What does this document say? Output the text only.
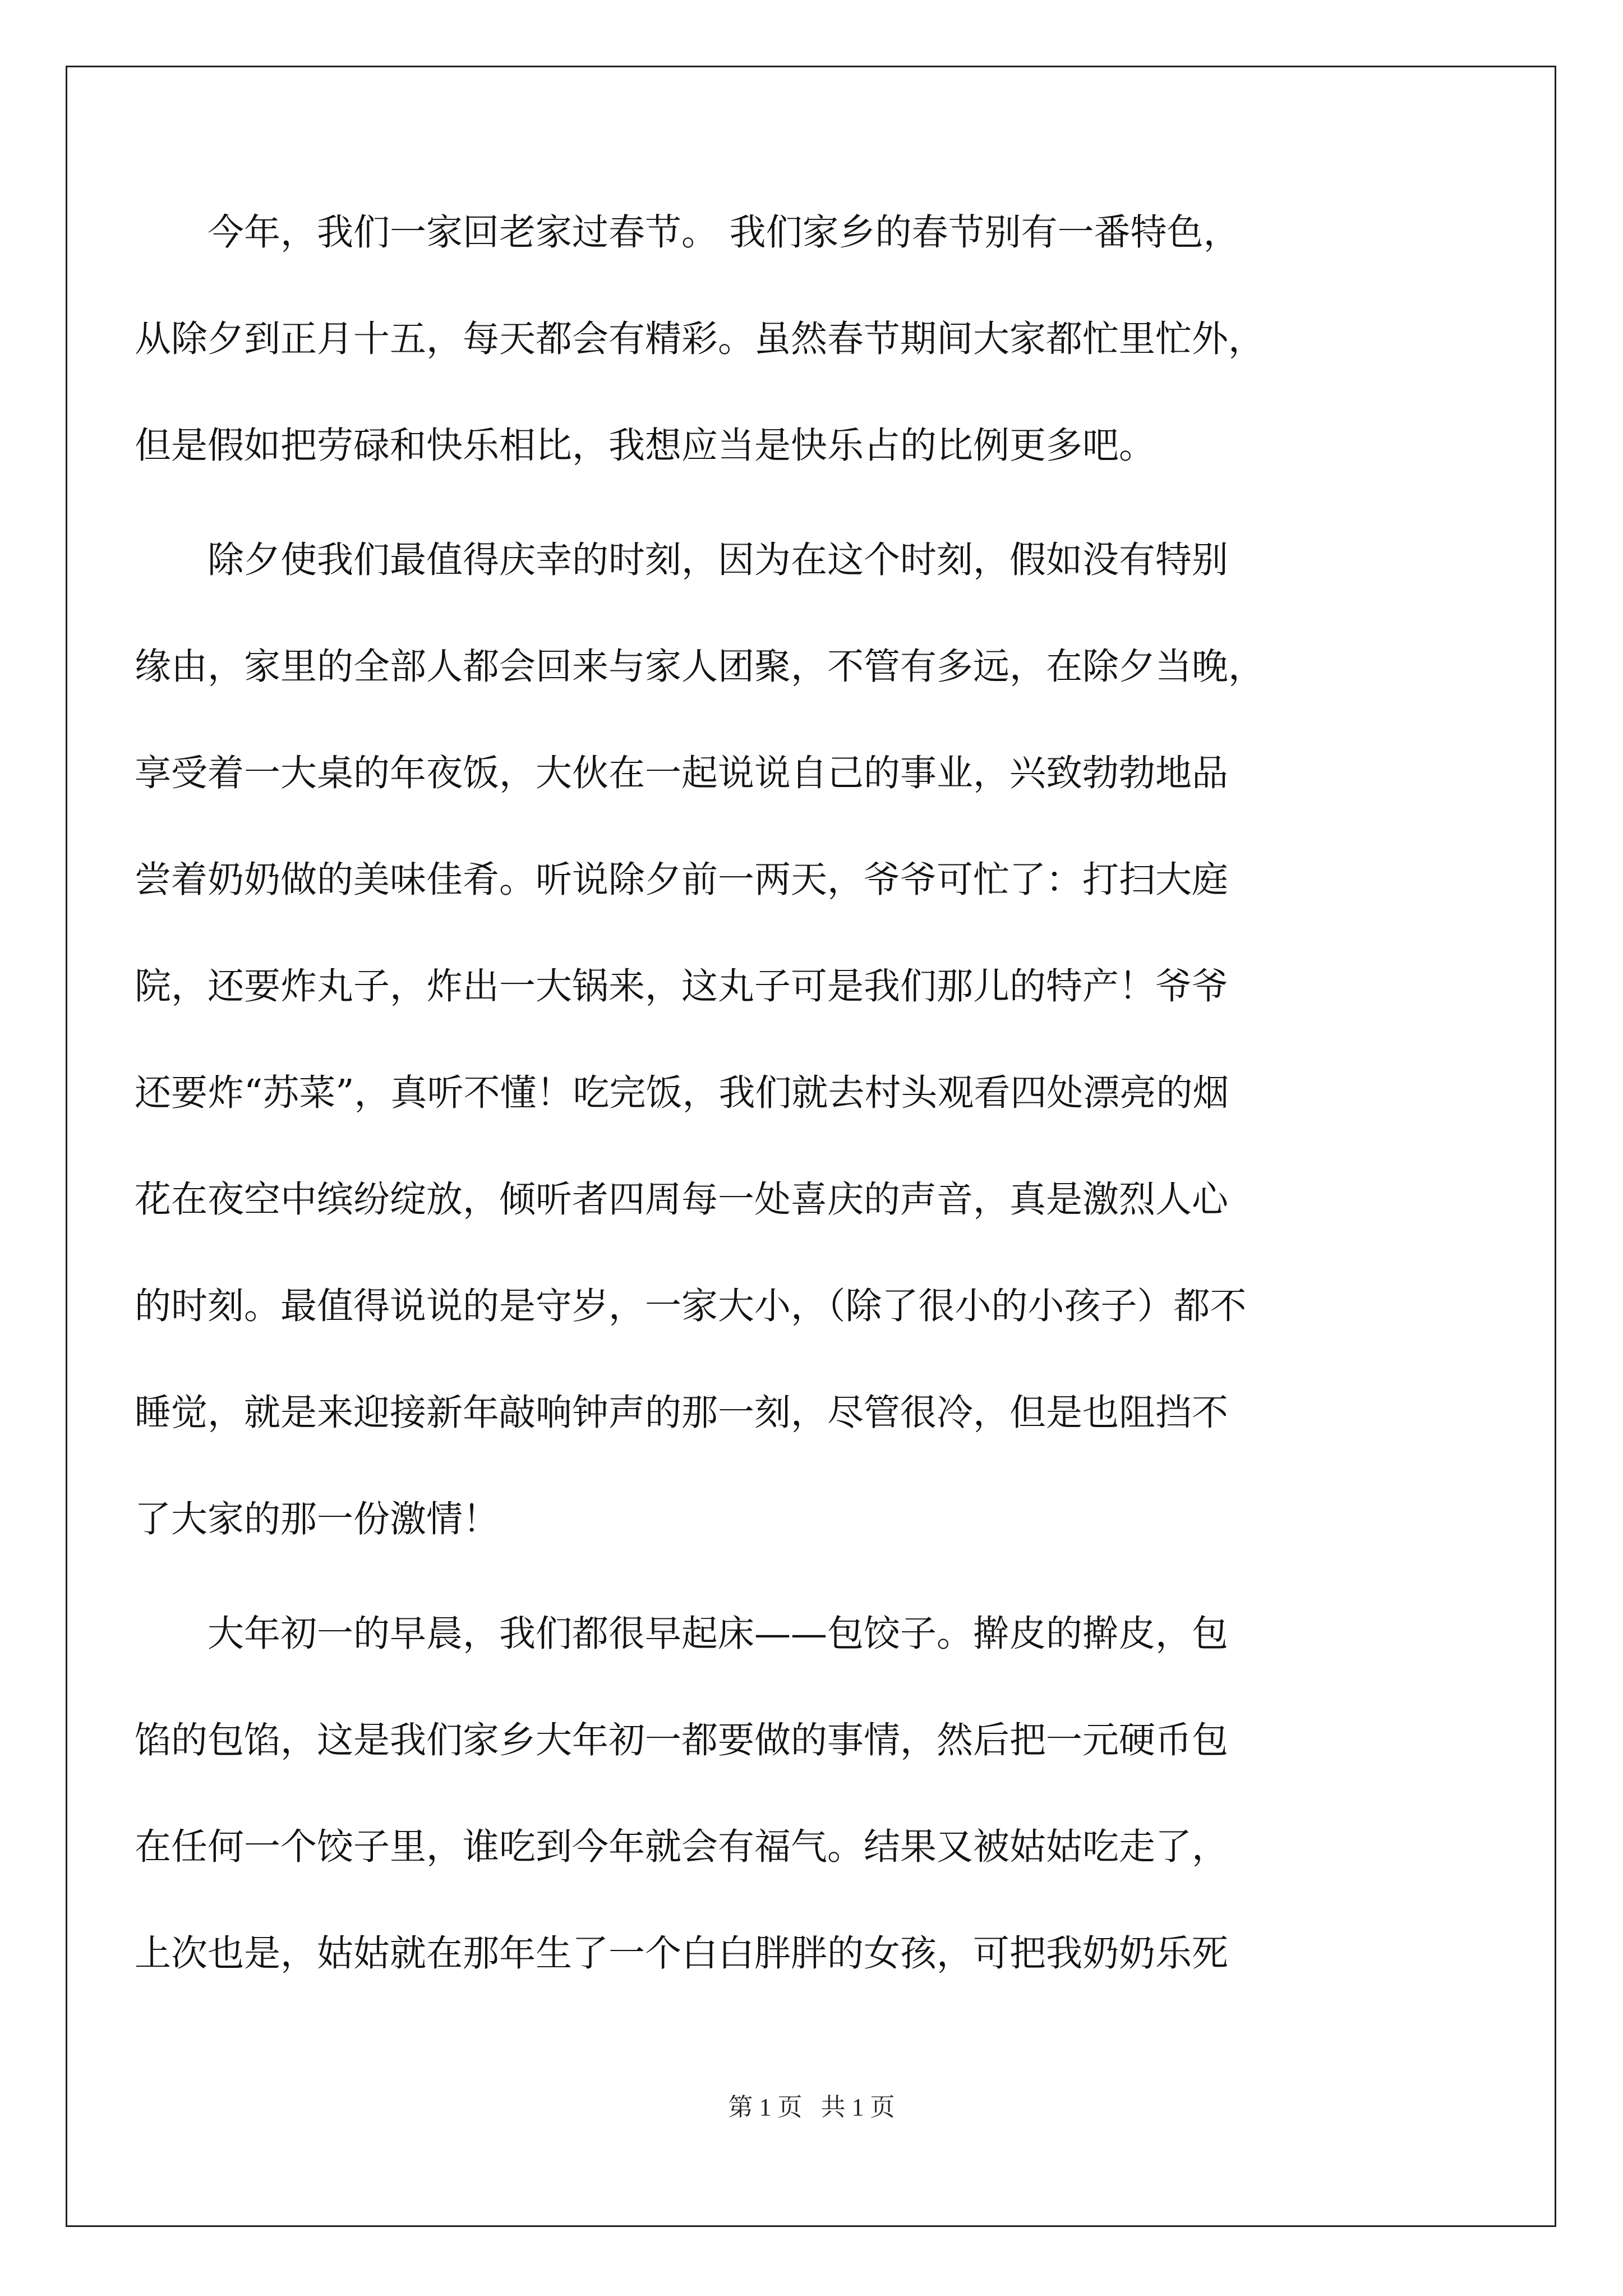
　　今年，我们一家回老家过春节。 我们家乡的春节别有一番特色，
从除夕到正月十五，每天都会有精彩。虽然春节期间大家都忙里忙外，
但是假如把劳碌和快乐相比，我想应当是快乐占的比例更多吧。
　　除夕使我们最值得庆幸的时刻，因为在这个时刻，假如没有特别
缘由，家里的全部人都会回来与家人团聚，不管有多远，在除夕当晚，
享受着一大桌的年夜饭，大伙在一起说说自己的事业，兴致勃勃地品
尝着奶奶做的美味佳肴。听说除夕前一两天，爷爷可忙了：打扫大庭
院，还要炸丸子，炸出一大锅来，这丸子可是我们那儿的特产！爷爷
还要炸“苏菜”，真听不懂！吃完饭，我们就去村头观看四处漂亮的烟
花在夜空中缤纷绽放，倾听者四周每一处喜庆的声音，真是激烈人心
的时刻。最值得说说的是守岁，一家大小，（除了很小的小孩子）都不
睡觉，就是来迎接新年敲响钟声的那一刻，尽管很冷，但是也阻挡不
了大家的那一份激情！
　　大年初一的早晨，我们都很早起床——包饺子。擀皮的擀皮，包
馅的包馅，这是我们家乡大年初一都要做的事情，然后把一元硬币包
在任何一个饺子里，谁吃到今年就会有福气。结果又被姑姑吃走了，
上次也是，姑姑就在那年生了一个白白胖胖的女孩，可把我奶奶乐死
第 1 页   共 1 页
